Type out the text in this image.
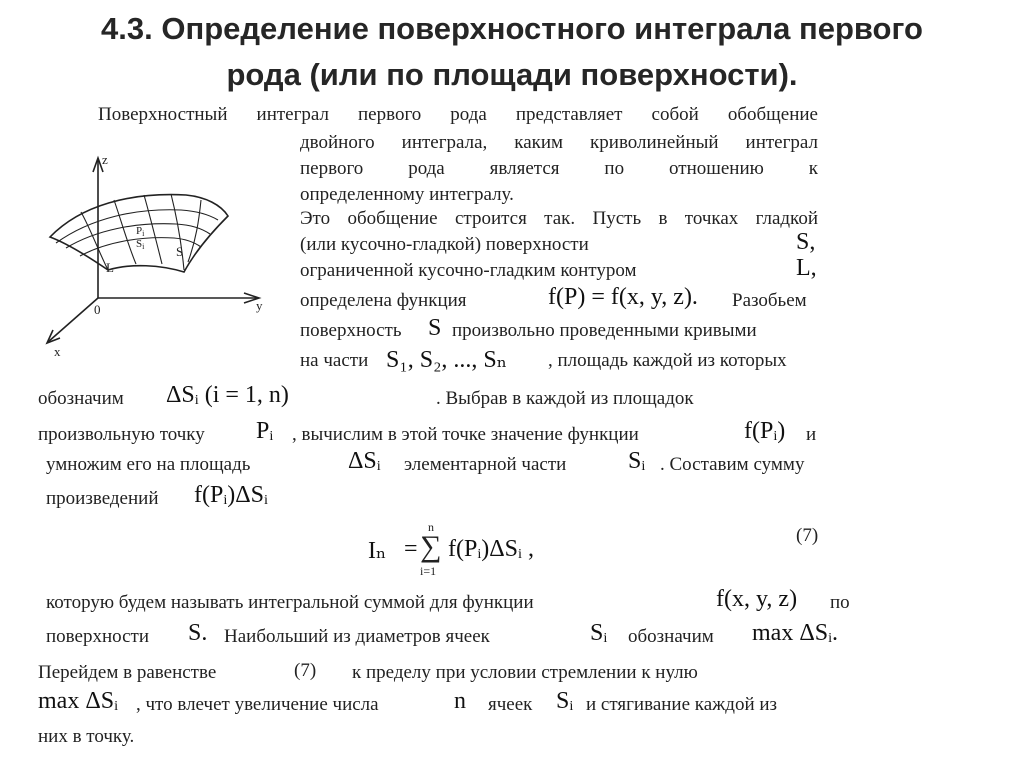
4.3. Определение поверхностного интеграла первого
рода (или по площади поверхности).
z
y
x
0
Pi
Si S
L
Поверхностный интеграл первого рода представляет собой обобщение
двойного интеграла, каким криволинейный интеграл
первого рода является по отношению к
определенному интегралу.
Это обобщение строится так. Пусть в точках гладкой
(или кусочно-гладкой) поверхности	S,
ограниченной кусочно-гладким контуром	L,
определена функция	f(P) = f(x, y, z). Разобьем
поверхность S произвольно проведенными кривыми
на части S₁, S₂, ..., Sₙ , площадь каждой из которых
обозначим ΔSᵢ (i = 1, n)	. Выбрав в каждой из площадок
произвольную точку Pᵢ , вычислим в этой точке значение функции	f(Pᵢ) и
умножим его на площадь	ΔSᵢ элементарной части	Sᵢ . Составим сумму
произведений f(Pᵢ)ΔSᵢ
Iₙ =
n
∑
i=1
f(Pᵢ)ΔSᵢ ,
(7)
которую будем называть интегральной суммой для функции	f(x, y, z) по
поверхности S. Наибольший из диаметров ячеек	Sᵢ обозначим max ΔSᵢ.
Перейдем в равенстве	(7) к пределу при условии стремлении к нулю
max ΔSᵢ , что влечет увеличение числа	n ячеек Sᵢ и стягивание каждой из
них в точку.
